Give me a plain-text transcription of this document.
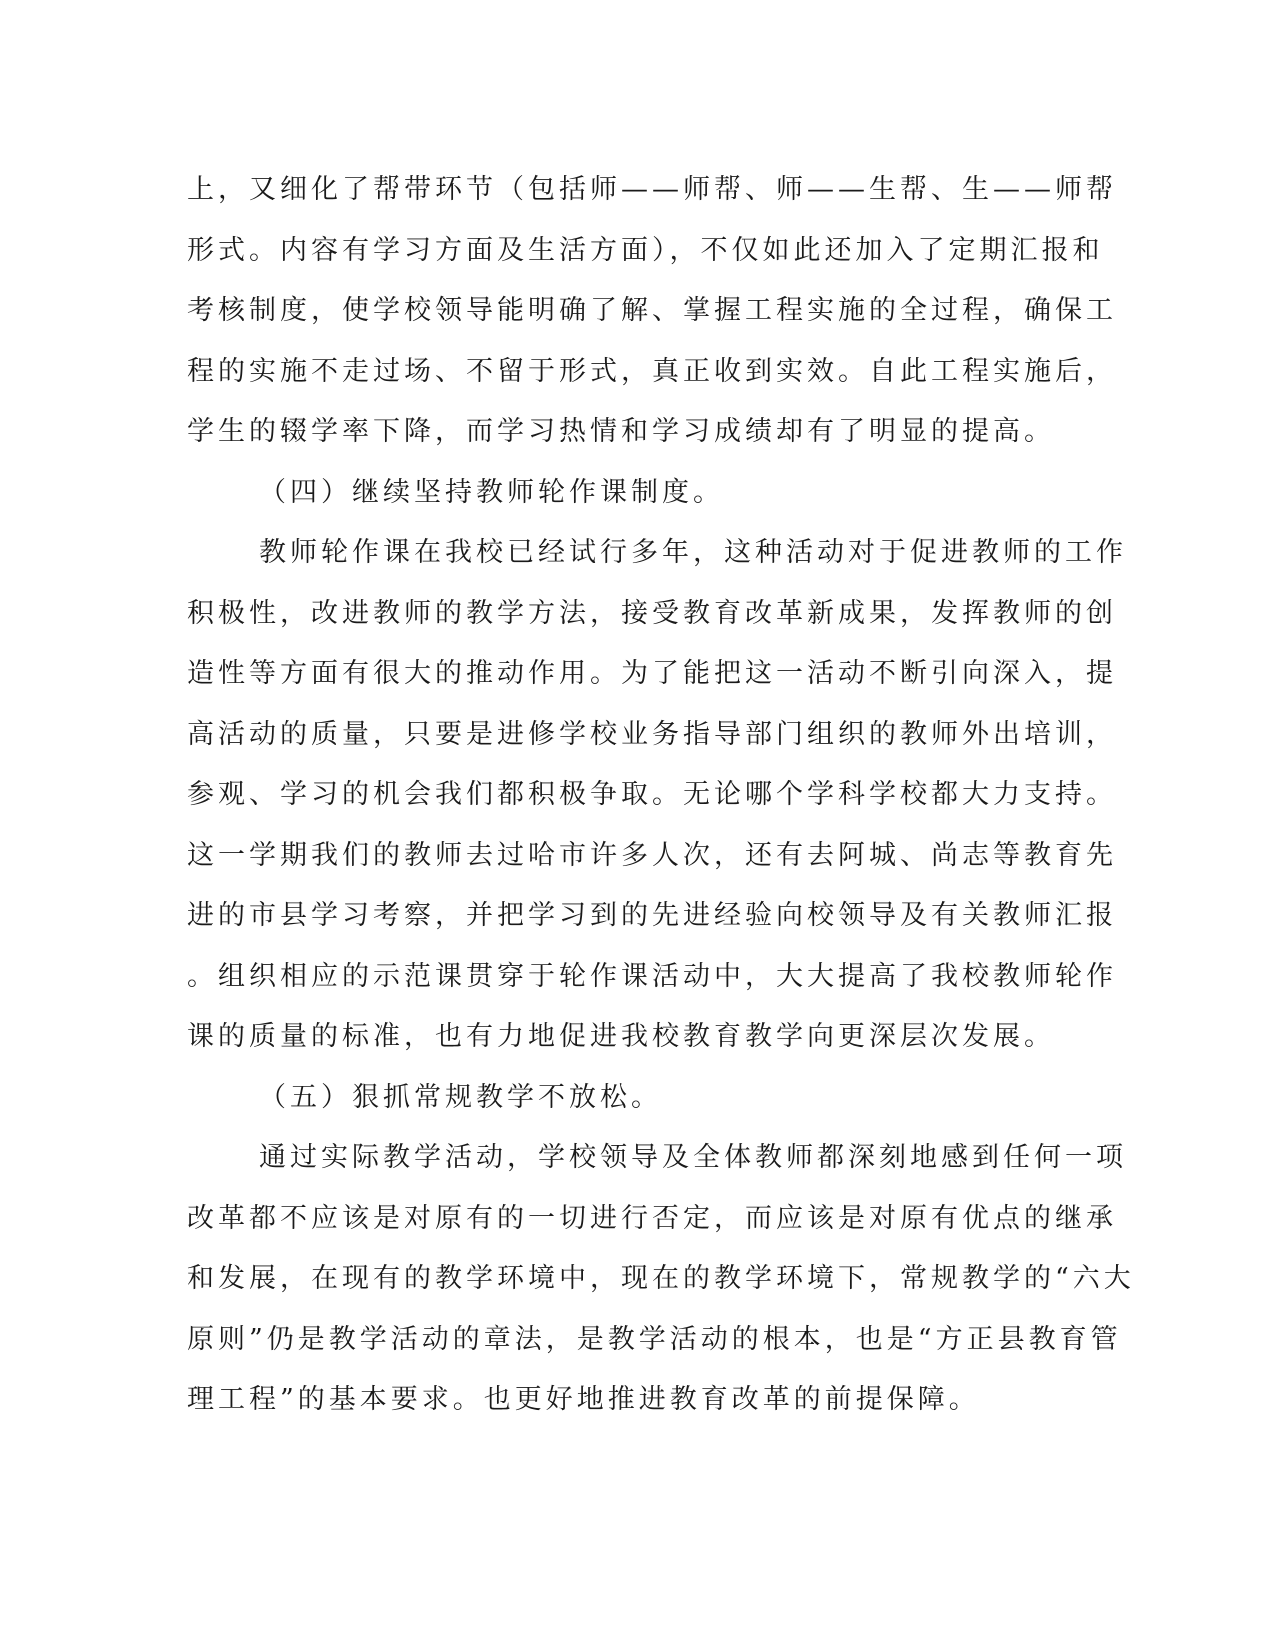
上，又细化了帮带环节（包括师——师帮、师——生帮、生——师帮
形式。内容有学习方面及生活方面），不仅如此还加入了定期汇报和
考核制度，使学校领导能明确了解、掌握工程实施的全过程，确保工
程的实施不走过场、不留于形式，真正收到实效。自此工程实施后，
学生的辍学率下降，而学习热情和学习成绩却有了明显的提高。
（四）继续坚持教师轮作课制度。
教师轮作课在我校已经试行多年，这种活动对于促进教师的工作
积极性，改进教师的教学方法，接受教育改革新成果，发挥教师的创
造性等方面有很大的推动作用。为了能把这一活动不断引向深入，提
高活动的质量，只要是进修学校业务指导部门组织的教师外出培训，
参观、学习的机会我们都积极争取。无论哪个学科学校都大力支持。
这一学期我们的教师去过哈市许多人次，还有去阿城、尚志等教育先
进的市县学习考察，并把学习到的先进经验向校领导及有关教师汇报
。组织相应的示范课贯穿于轮作课活动中，大大提高了我校教师轮作
课的质量的标准，也有力地促进我校教育教学向更深层次发展。
（五）狠抓常规教学不放松。
通过实际教学活动，学校领导及全体教师都深刻地感到任何一项
改革都不应该是对原有的一切进行否定，而应该是对原有优点的继承
和发展，在现有的教学环境中，现在的教学环境下，常规教学的“六大
原则”仍是教学活动的章法，是教学活动的根本，也是“方正县教育管
理工程”的基本要求。也更好地推进教育改革的前提保障。
